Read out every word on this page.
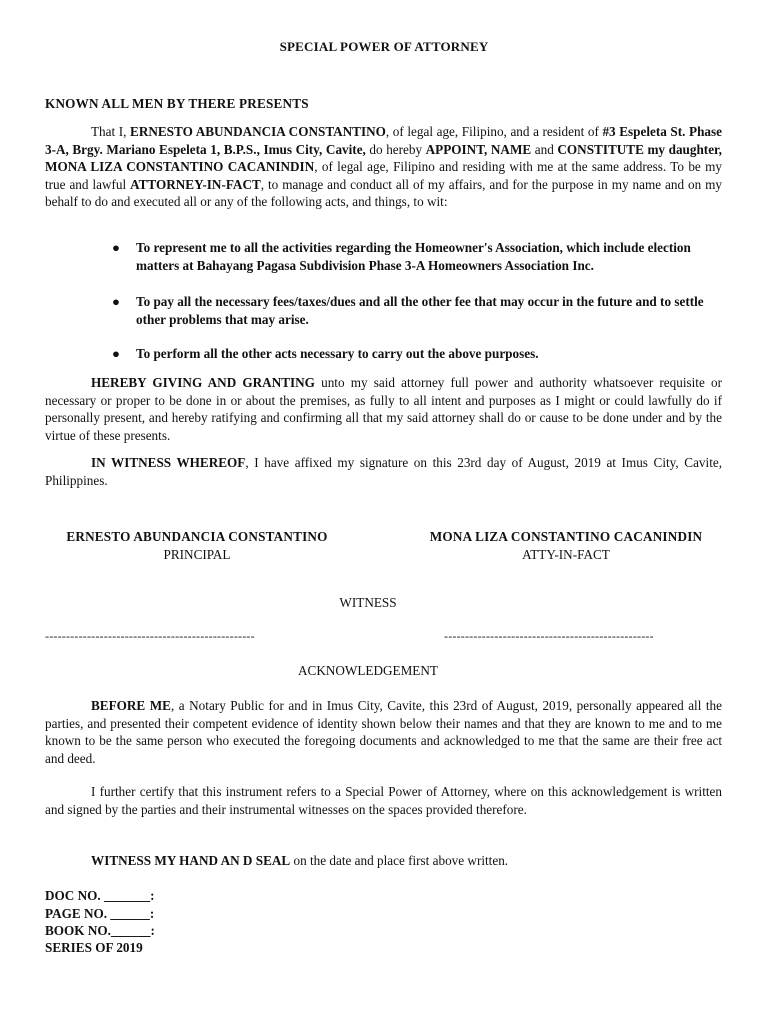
SPECIAL POWER OF ATTORNEY
KNOWN ALL MEN BY THERE PRESENTS
That I, ERNESTO ABUNDANCIA CONSTANTINO, of legal age, Filipino, and a resident of #3 Espeleta St. Phase 3-A, Brgy. Mariano Espeleta 1, B.P.S., Imus City, Cavite, do hereby APPOINT, NAME and CONSTITUTE my daughter, MONA LIZA CONSTANTINO CACANINDIN, of legal age, Filipino and residing with me at the same address. To be my true and lawful ATTORNEY-IN-FACT, to manage and conduct all of my affairs, and for the purpose in my name and on my behalf to do and executed all or any of the following acts, and things, to wit:
● To represent me to all the activities regarding the Homeowner's Association, which include election matters at Bahayang Pagasa Subdivision Phase 3-A Homeowners Association Inc.
● To pay all the necessary fees/taxes/dues and all the other fee that may occur in the future and to settle other problems that may arise.
● To perform all the other acts necessary to carry out the above purposes.
HEREBY GIVING AND GRANTING unto my said attorney full power and authority whatsoever requisite or necessary or proper to be done in or about the premises, as fully to all intent and purposes as I might or could lawfully do if personally present, and hereby ratifying and confirming all that my said attorney shall do or cause to be done under and by the virtue of these presents.
IN WITNESS WHEREOF, I have affixed my signature on this 23rd day of August, 2019 at Imus City, Cavite, Philippines.
ERNESTO ABUNDANCIA CONSTANTINO
PRINCIPAL
MONA LIZA CONSTANTINO CACANINDIN
ATTY-IN-FACT
WITNESS
--------------------------------------------------	--------------------------------------------------
ACKNOWLEDGEMENT
BEFORE ME, a Notary Public for and in Imus City, Cavite, this 23rd of August, 2019, personally appeared all the parties, and presented their competent evidence of identity shown below their names and that they are known to me and to me known to be the same person who executed the foregoing documents and acknowledged to me that the same are their free act and deed.
I further certify that this instrument refers to a Special Power of Attorney, where on this acknowledgement is written and signed by the parties and their instrumental witnesses on the spaces provided therefore.
WITNESS MY HAND AN D SEAL on the date and place first above written.
DOC NO. _______:
PAGE NO. ______:
BOOK NO.______:
SERIES OF 2019
